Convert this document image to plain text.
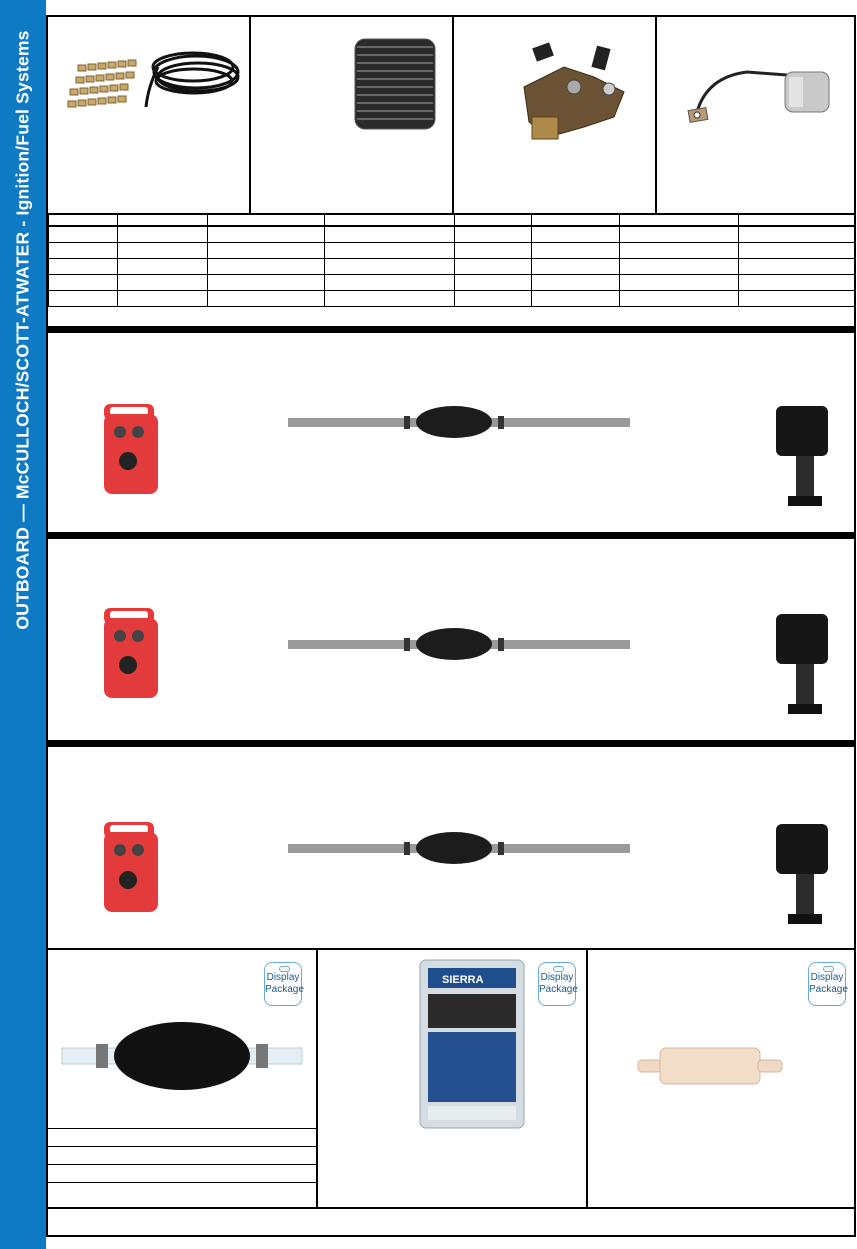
OUTBOARD — McCULLOCH/SCOTT-ATWATER - Ignition/Fuel Systems

Display
Package
Display
Package
SIERRA	Display
Package
